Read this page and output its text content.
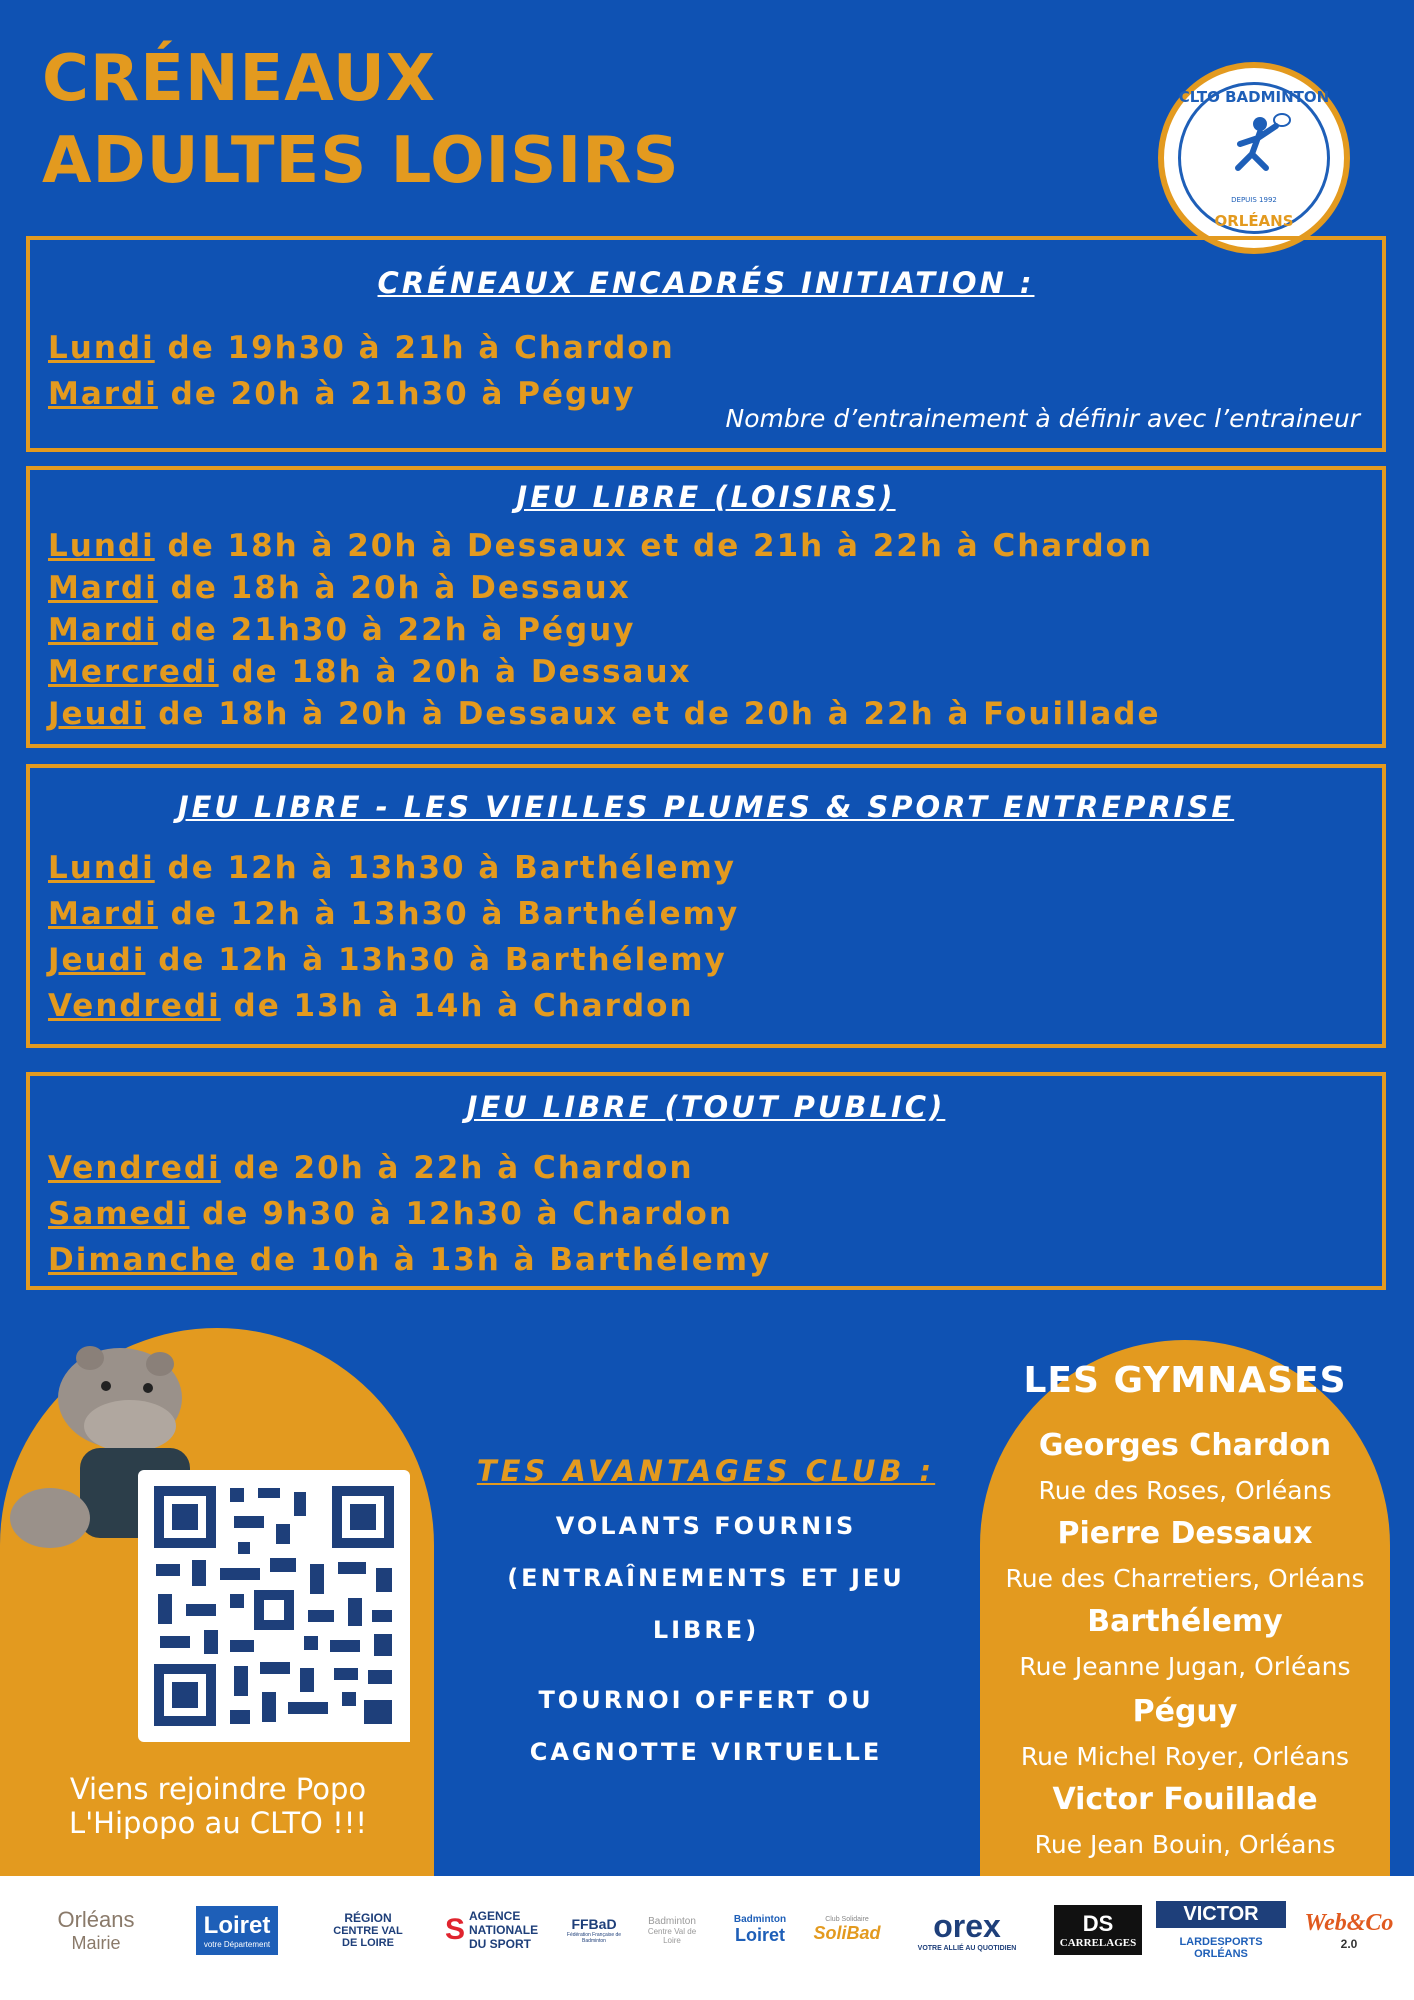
CRÉNEAUX
ADULTES LOISIRS
CLTO BADMINTON
DEPUIS 1992
ORLÉANS
CRÉNEAUX ENCADRÉS INITIATION :
Lundi de 19h30 à 21h à Chardon
Mardi de 20h à 21h30 à Péguy
Nombre d’entrainement à définir avec l’entraineur
JEU LIBRE (LOISIRS)
Lundi de 18h à 20h à Dessaux et de 21h à 22h à Chardon
Mardi de 18h à 20h à Dessaux
Mardi de 21h30 à 22h à Péguy
Mercredi de 18h à 20h à Dessaux
Jeudi de 18h à 20h à Dessaux et de 20h à 22h à Fouillade
JEU LIBRE - LES VIEILLES PLUMES & SPORT ENTREPRISE
Lundi de 12h à 13h30 à Barthélemy
Mardi de 12h à 13h30 à Barthélemy
Jeudi de 12h à 13h30 à Barthélemy
Vendredi de 13h à 14h à Chardon
JEU LIBRE (TOUT PUBLIC)
Vendredi de 20h à 22h à Chardon
Samedi de 9h30 à 12h30 à Chardon
Dimanche de 10h à 13h à Barthélemy
Viens rejoindre Popo
L'Hipopo au CLTO !!!
TES AVANTAGES CLUB :
VOLANTS FOURNIS
(ENTRAÎNEMENTS ET JEU
LIBRE)
TOURNOI OFFERT OU
CAGNOTTE VIRTUELLE
LES GYMNASES
Georges Chardon
Rue des Roses, Orléans
Pierre Dessaux
Rue des Charretiers, Orléans
Barthélemy
Rue Jeanne Jugan, Orléans
Péguy
Rue Michel Royer, Orléans
Victor Fouillade
Rue Jean Bouin, Orléans
Orléans
Mairie
Loiret
votre Département
RÉGION
CENTRE VAL DE LOIRE	S AGENCE NATIONALE
DU SPORT
FFBaD
Fédération Française de Badminton
Badminton
Centre Val de Loire
Badminton
Loiret
Club Solidaire
SoliBad	orex
VOTRE ALLIÉ AU QUOTIDIEN
DS
CARRELAGES
VICTOR
LARDESPORTS ORLÉANS
Web&Co
2.0
